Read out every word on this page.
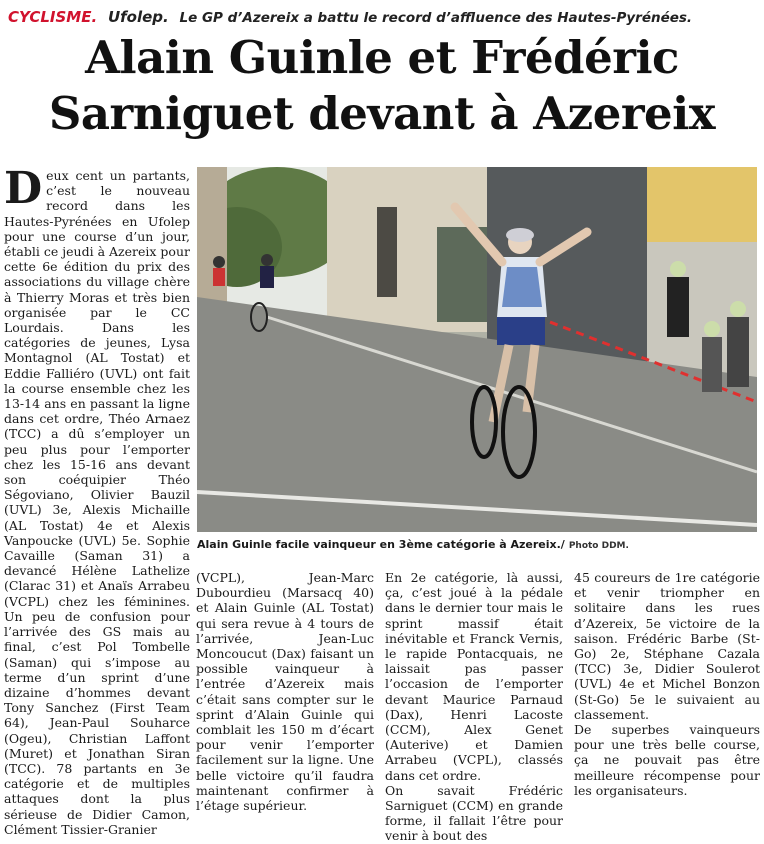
CYCLISME. Ufolep. Le GP d’Azereix a battu le record d’affluence des Hautes-Pyrénées.
Alain Guinle et Frédéric
Sarniguet devant à Azereix
D eux cent un partants, c’est le nouveau record dans les Hautes-Pyrénées en Ufolep pour une course d’un jour, établi ce jeudi à Azereix pour cette 6e édition du prix des associations du village chère à Thierry Moras et très bien organisée par le CC Lourdais. Dans les catégories de jeunes, Lysa Montagnol (AL Tostat) et Eddie Falliéro (UVL) ont fait la course ensemble chez les 13-14 ans en passant la ligne dans cet ordre, Théo Arnaez (TCC) a dû s’employer un peu plus pour l’emporter chez les 15-16 ans devant son coéquipier Théo Ségoviano, Olivier Bauzil (UVL) 3e, Alexis Michaille (AL Tostat) 4e et Alexis Vanpoucke (UVL) 5e. Sophie Cavaille (Saman 31) a devancé Hélène Lathelize (Clarac 31) et Anaïs Arrabeu (VCPL) chez les féminines. Un peu de confusion pour l’arrivée des GS mais au final, c’est Pol Tombelle (Saman) qui s’impose au terme d’un sprint d’une dizaine d’hommes devant Tony Sanchez (First Team 64), Jean-Paul Souharce (Ogeu), Christian Laffont (Muret) et Jonathan Siran (TCC). 78 partants en 3e catégorie et de multiples attaques dont la plus sérieuse de Didier Camon, Clément Tissier-Granier

Alain Guinle facile vainqueur en 3ème catégorie à Azereix./ Photo DDM.

(VCPL), Jean-Marc Dubourdieu (Marsacq 40) et Alain Guinle (AL Tostat) qui sera revue à 4 tours de l’arrivée, Jean-Luc Moncoucut (Dax) faisant un possible vainqueur à l’entrée d’Azereix mais c’était sans compter sur le sprint d’Alain Guinle qui comblait les 150 m d’écart pour venir l’emporter facilement sur la ligne. Une belle victoire qu’il faudra maintenant confirmer à l’étage supérieur.

En 2e catégorie, là aussi, ça, c’est joué à la pédale dans le dernier tour mais le sprint massif était inévitable et Franck Vernis, le rapide Pontacquais, ne laissait pas passer l’occasion de l’emporter devant Maurice Parnaud (Dax), Henri Lacoste (CCM), Alex Genet (Auterive) et Damien Arrabeu (VCPL), classés dans cet ordre.

On savait Frédéric Sarniguet (CCM) en grande forme, il fallait l’être pour venir à bout des

45 coureurs de 1re catégorie et venir triompher en solitaire dans les rues d’Azereix, 5e victoire de la saison. Frédéric Barbe (St-Go) 2e, Stéphane Cazala (TCC) 3e, Didier Soulerot (UVL) 4e et Michel Bonzon (St-Go) 5e le suivaient au classement.

De superbes vainqueurs pour une très belle course, ça ne pouvait pas être meilleure récompense pour les organisateurs.
